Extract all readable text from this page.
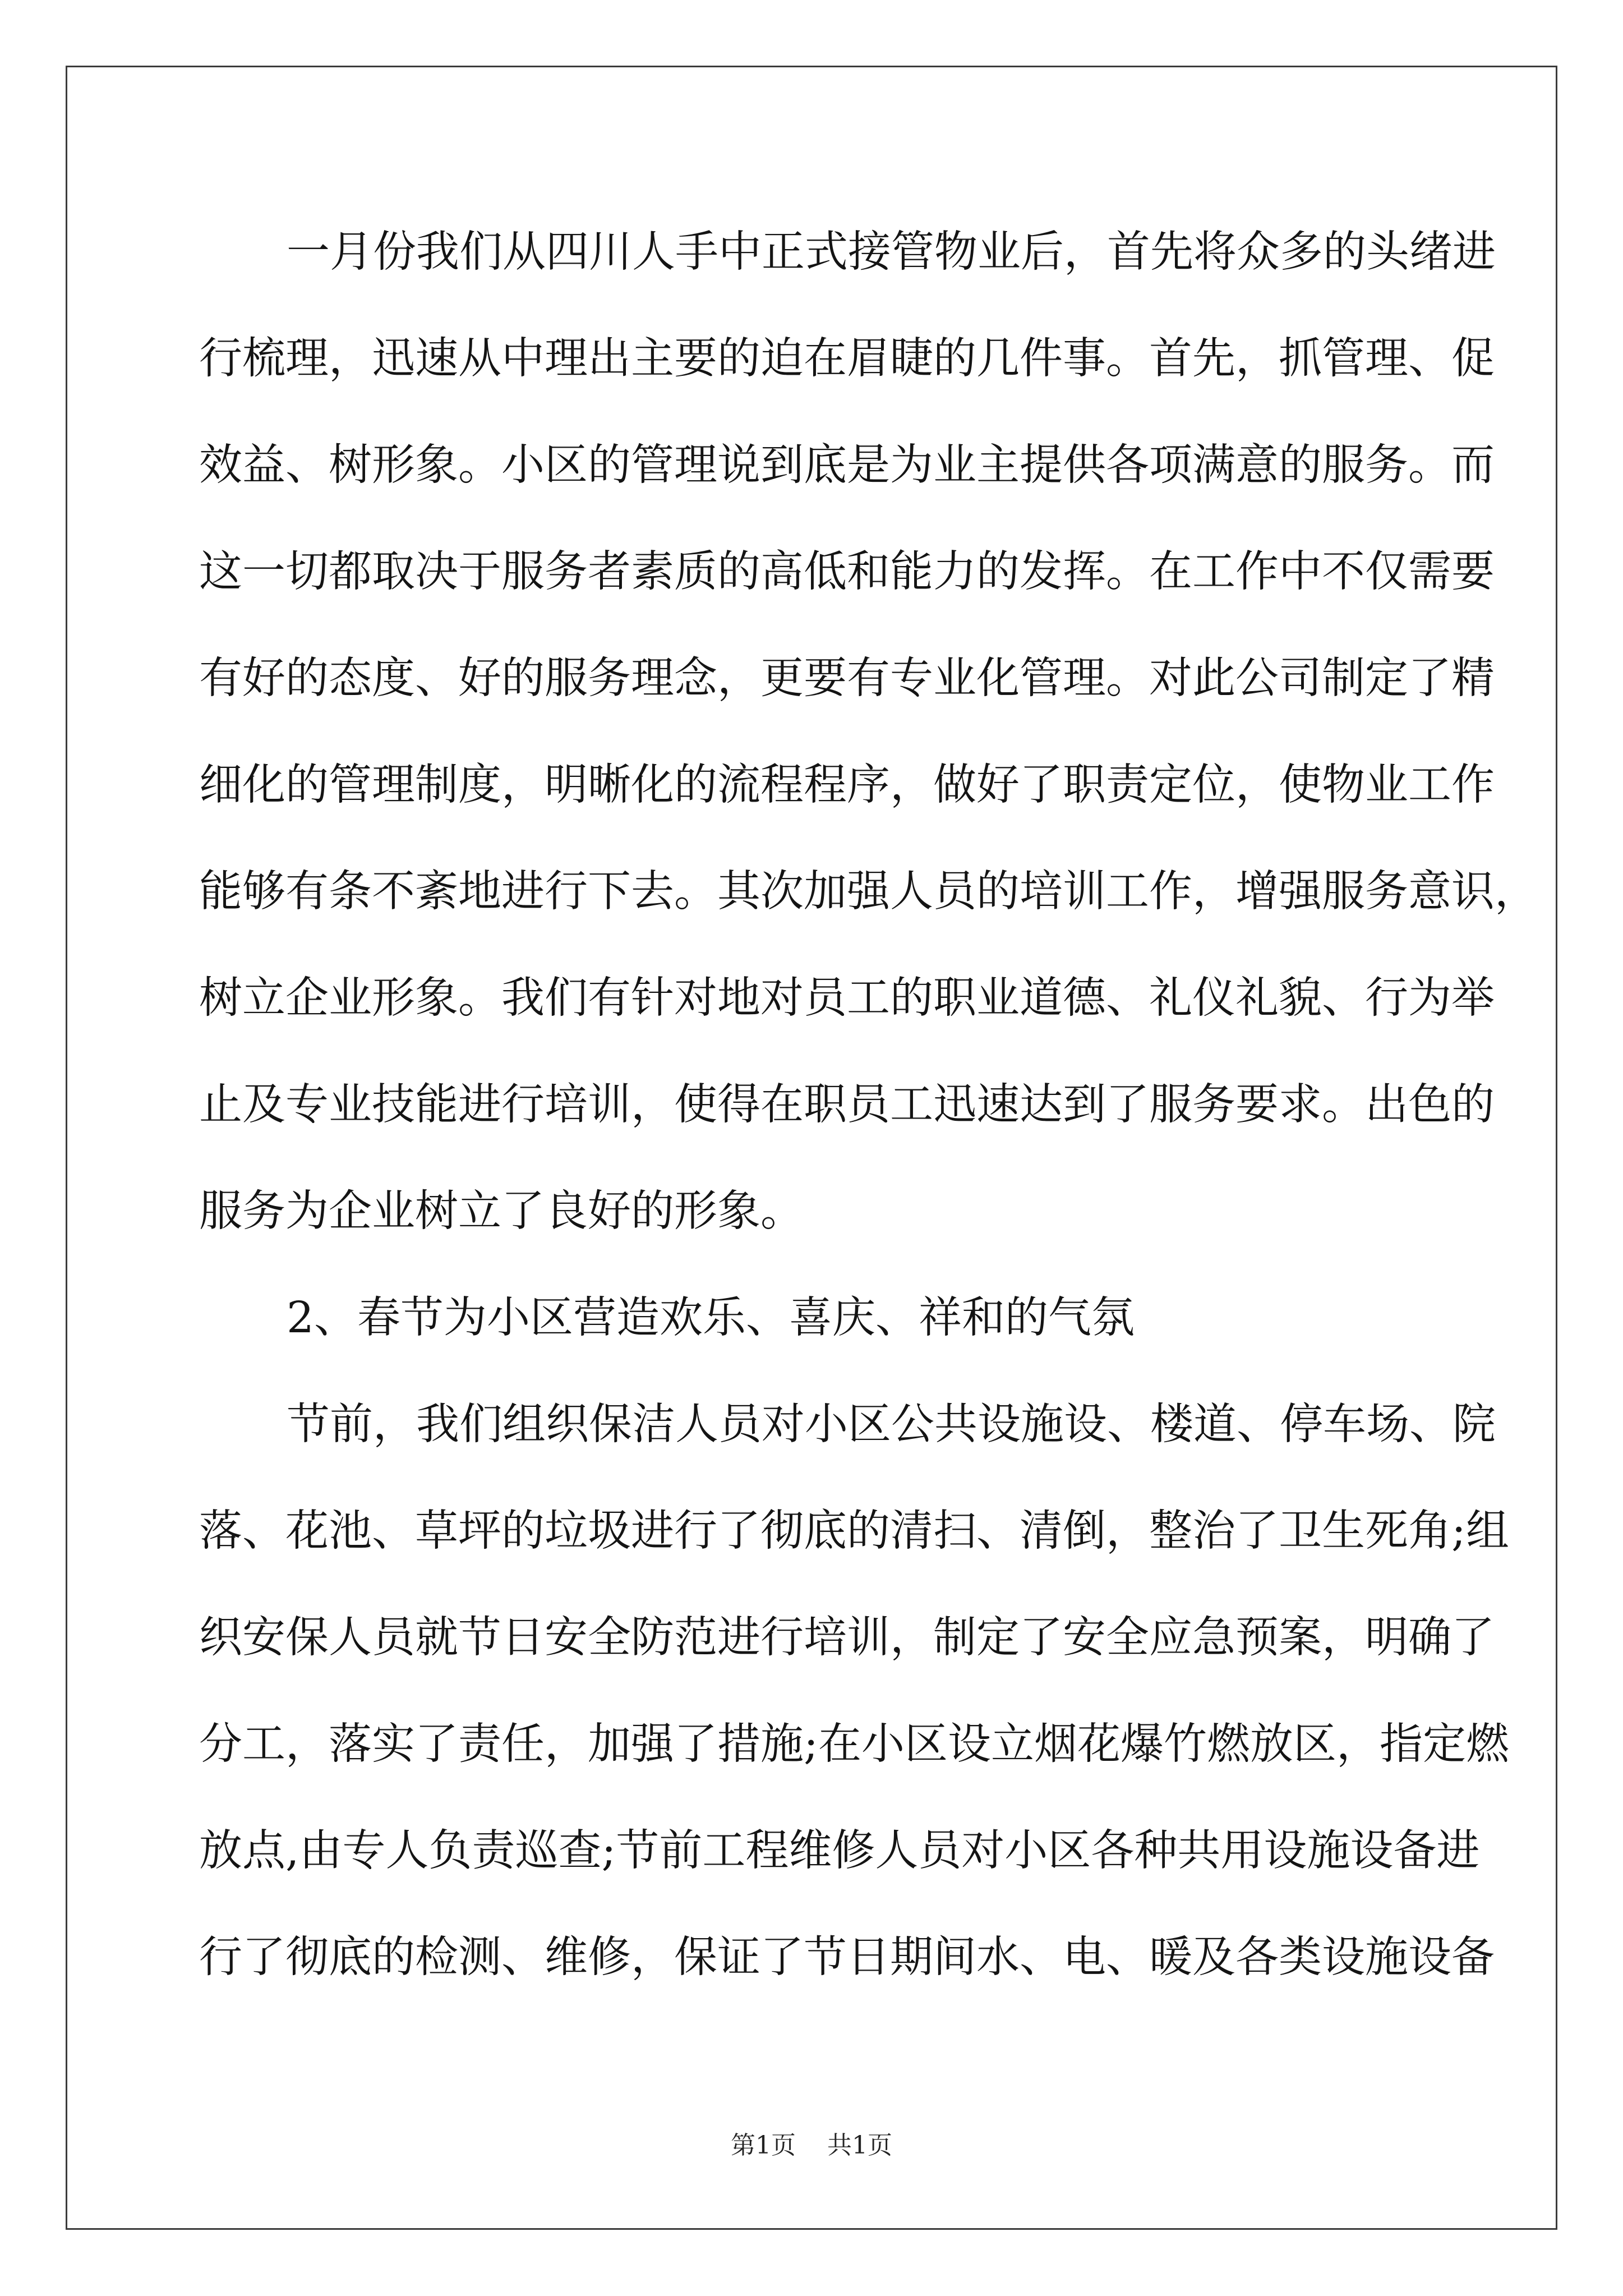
一月份我们从四川人手中正式接管物业后，首先将众多的头绪进
行梳理，迅速从中理出主要的迫在眉睫的几件事。首先，抓管理、促
效益、树形象。小区的管理说到底是为业主提供各项满意的服务。而
这一切都取决于服务者素质的高低和能力的发挥。在工作中不仅需要
有好的态度、好的服务理念，更要有专业化管理。对此公司制定了精
细化的管理制度，明晰化的流程程序，做好了职责定位，使物业工作
能够有条不紊地进行下去。其次加强人员的培训工作，增强服务意识，
树立企业形象。我们有针对地对员工的职业道德、礼仪礼貌、行为举
止及专业技能进行培训，使得在职员工迅速达到了服务要求。出色的
服务为企业树立了良好的形象。
2、春节为小区营造欢乐、喜庆、祥和的气氛
节前，我们组织保洁人员对小区公共设施设、楼道、停车场、院
落、花池、草坪的垃圾进行了彻底的清扫、清倒，整治了卫生死角;组
织安保人员就节日安全防范进行培训，制定了安全应急预案，明确了
分工，落实了责任，加强了措施;在小区设立烟花爆竹燃放区，指定燃
放点,由专人负责巡查;节前工程维修人员对小区各种共用设施设备进
行了彻底的检测、维修，保证了节日期间水、电、暖及各类设施设备
第1页 共1页
